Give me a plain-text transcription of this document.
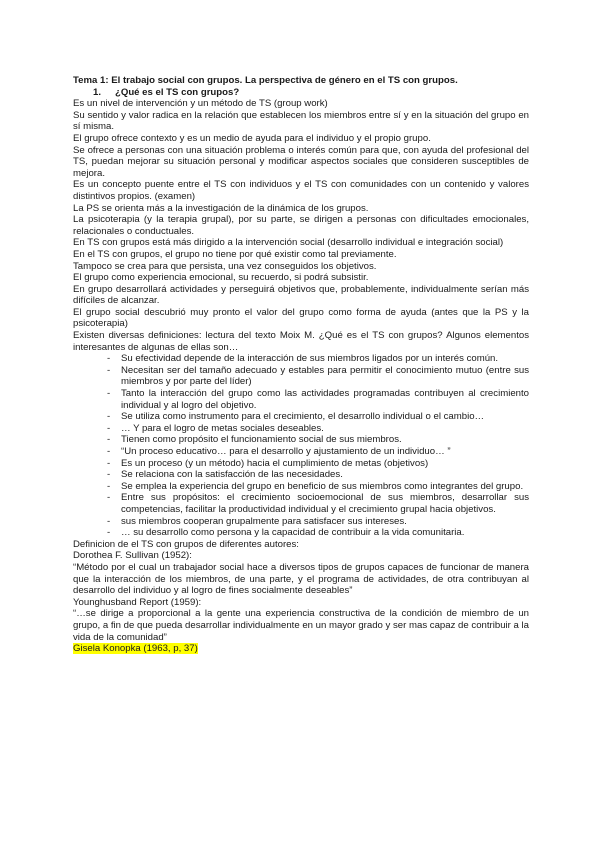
Tema 1: El trabajo social con grupos. La perspectiva de género en el TS con grupos.

1. ¿Qué es el TS con grupos?

Es un nivel de intervención y un método de TS (group work)

Su sentido y valor radica en la relación que establecen los miembros entre sí y en la situación del grupo en sí misma.

El grupo ofrece contexto y es un medio de ayuda para el individuo y el propio grupo.

Se ofrece a personas con una situación problema o interés común para que, con ayuda del profesional del TS, puedan mejorar su situación personal y modificar aspectos sociales que consideren susceptibles de mejora.

Es un concepto puente entre el TS con individuos y el TS con comunidades con un contenido y valores distintivos propios. (examen)

La PS se orienta más a la investigación de la dinámica de los grupos.

La psicoterapia (y la terapia grupal), por su parte, se dirigen a personas con dificultades emocionales, relacionales o conductuales.

En TS con grupos está más dirigido a la intervención social (desarrollo individual e integración social)

En el TS con grupos, el grupo no tiene por qué existir como tal previamente.

Tampoco se crea para que persista, una vez conseguidos los objetivos.

El grupo como experiencia emocional, su recuerdo, si podrá subsistir.

En grupo desarrollará actividades y perseguirá objetivos que, probablemente, individualmente serían más difíciles de alcanzar.

El grupo social descubrió muy pronto el valor del grupo como forma de ayuda (antes que la PS y la psicoterapia)

Existen diversas definiciones: lectura del texto Moix M. ¿Qué es el TS con grupos? Algunos elementos interesantes de algunas de ellas son…

- Su efectividad depende de la interacción de sus miembros ligados por un interés común.
- Necesitan ser del tamaño adecuado y estables para permitir el conocimiento mutuo (entre sus miembros y por parte del líder)
- Tanto la interacción del grupo como las actividades programadas contribuyen al crecimiento individual y al logro del objetivo.
- Se utiliza como instrumento para el crecimiento, el desarrollo individual o el cambio…
- … Y para el logro de metas sociales deseables.
- Tienen como propósito el funcionamiento social de sus miembros.
- “Un proceso educativo… para el desarrollo y ajustamiento de un individuo… ”
- Es un proceso (y un método) hacia el cumplimiento de metas (objetivos)
- Se relaciona con la satisfacción de las necesidades.
- Se emplea la experiencia del grupo en beneficio de sus miembros como integrantes del grupo.
- Entre sus propósitos: el crecimiento socioemocional de sus miembros, desarrollar sus competencias, facilitar la productividad individual y el crecimiento grupal hacia objetivos.
- sus miembros cooperan grupalmente para satisfacer sus intereses.
- … su desarrollo como persona y la capacidad de contribuir a la vida comunitaria.

Definicion de el TS con grupos de diferentes autores:

Dorothea F. Sullivan (1952):

“Método por el cual un trabajador social hace a diversos tipos de grupos capaces de funcionar de manera que la interacción de los miembros, de una parte, y el programa de actividades, de otra contribuyan al desarrollo del individuo y al logro de fines socialmente deseables”

Younghusband Report (1959):

“…se dirige a proporcional a la gente una experiencia constructiva de la condición de miembro de un grupo, a fin de que pueda desarrollar individualmente en un mayor grado y ser mas capaz de contribuir a la vida de la comunidad”

Gisela Konopka (1963, p, 37)
